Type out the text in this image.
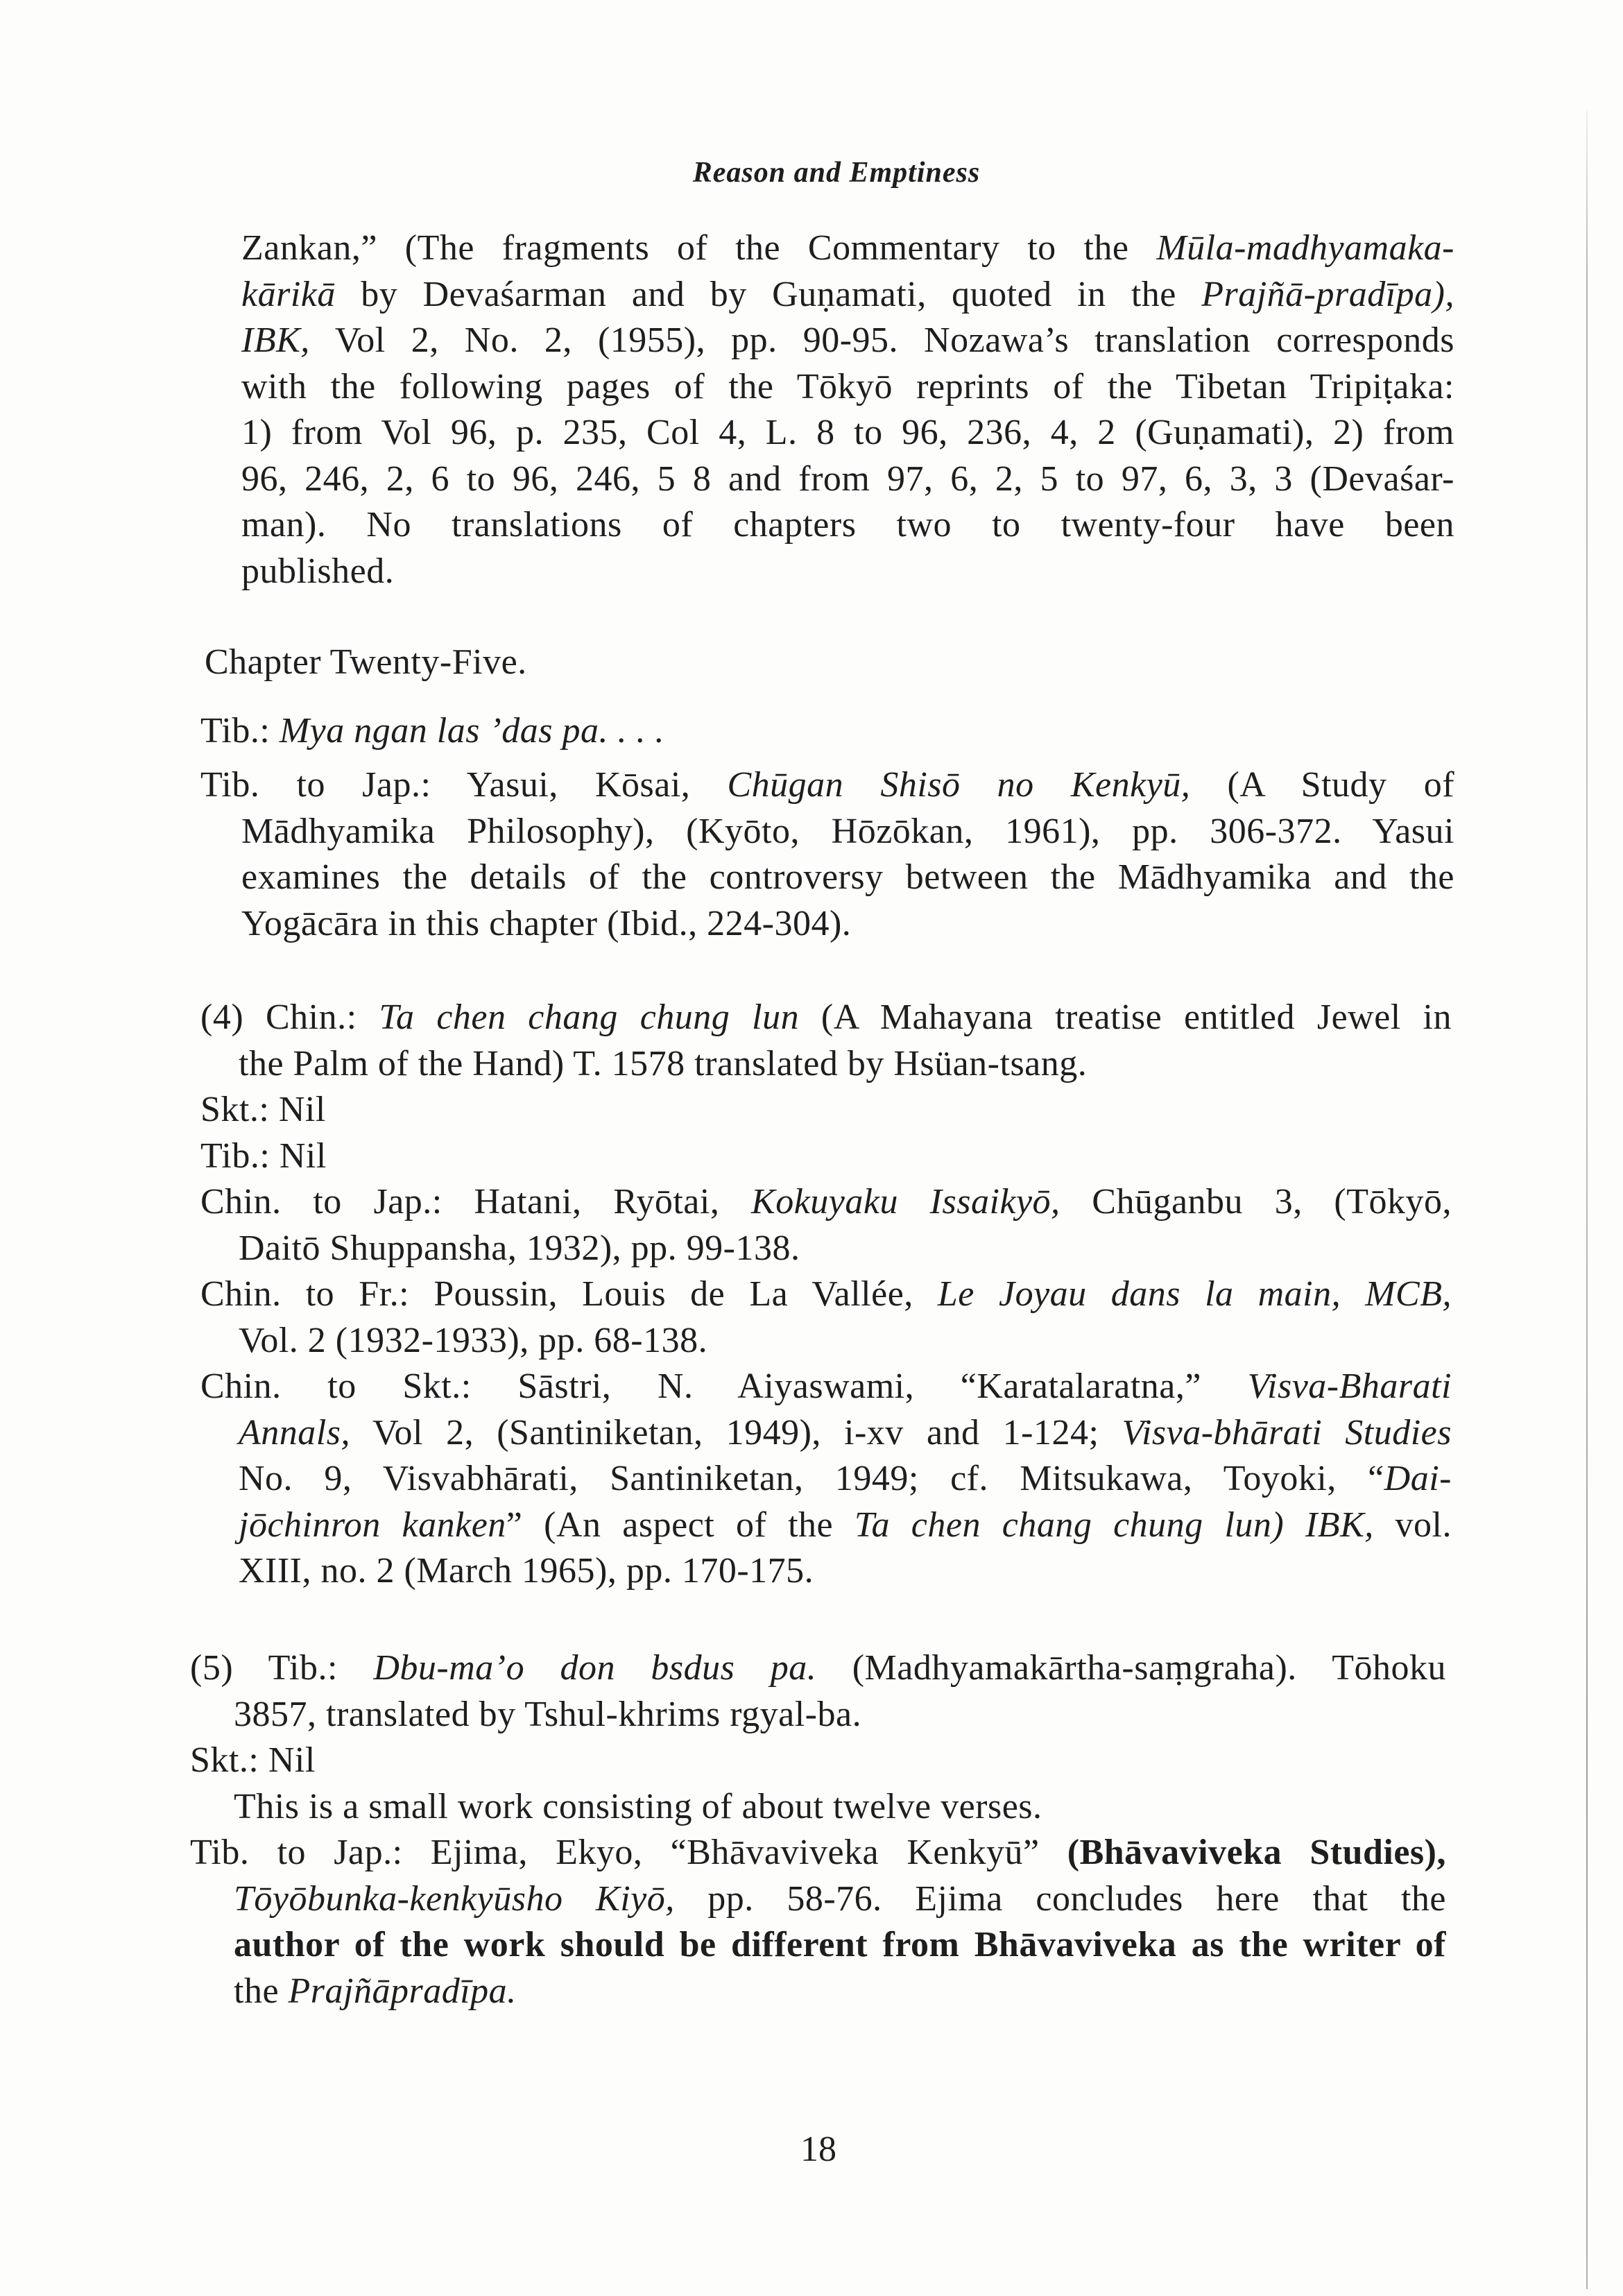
Reason and Emptiness
Zankan,” (The fragments of the Commentary to the Mūla-madhyamaka-
kārikā by Devaśarman and by Guṇamati, quoted in the Prajñā-pradīpa),
IBK, Vol 2, No. 2, (1955), pp. 90-95. Nozawa’s translation corresponds
with the following pages of the Tōkyō reprints of the Tibetan Tripiṭaka:
1) from Vol 96, p. 235, Col 4, L. 8 to 96, 236, 4, 2 (Guṇamati), 2) from
96, 246, 2, 6 to 96, 246, 5 8 and from 97, 6, 2, 5 to 97, 6, 3, 3 (Devaśar-
man). No translations of chapters two to twenty-four have been
published.
Chapter Twenty-Five.
Tib.: Mya ngan las ’das pa. . . .
Tib. to Jap.: Yasui, Kōsai, Chūgan Shisō no Kenkyū, (A Study of
Mādhyamika Philosophy), (Kyōto, Hōzōkan, 1961), pp. 306-372. Yasui
examines the details of the controversy between the Mādhyamika and the
Yogācāra in this chapter (Ibid., 224-304).
(4) Chin.: Ta chen chang chung lun (A Mahayana treatise entitled Jewel in
the Palm of the Hand) T. 1578 translated by Hsüan-tsang.
Skt.: Nil
Tib.: Nil
Chin. to Jap.: Hatani, Ryōtai, Kokuyaku Issaikyō, Chūganbu 3, (Tōkyō,
Daitō Shuppansha, 1932), pp. 99-138.
Chin. to Fr.: Poussin, Louis de La Vallée, Le Joyau dans la main, MCB,
Vol. 2 (1932-1933), pp. 68-138.
Chin. to Skt.: Sāstri, N. Aiyaswami, “Karatalaratna,” Visva-Bharati
Annals, Vol 2, (Santiniketan, 1949), i-xv and 1-124; Visva-bhārati Studies
No. 9, Visvabhārati, Santiniketan, 1949; cf. Mitsukawa, Toyoki, “Dai-
jōchinron kanken” (An aspect of the Ta chen chang chung lun) IBK, vol.
XIII, no. 2 (March 1965), pp. 170-175.
(5) Tib.: Dbu-ma’o don bsdus pa. (Madhyamakārtha-saṃgraha). Tōhoku
3857, translated by Tshul-khrims rgyal-ba.
Skt.: Nil
This is a small work consisting of about twelve verses.
Tib. to Jap.: Ejima, Ekyo, “Bhāvaviveka Kenkyū” (Bhāvaviveka Studies),
Tōyōbunka-kenkyūsho Kiyō, pp. 58-76. Ejima concludes here that the
author of the work should be different from Bhāvaviveka as the writer of
the Prajñāpradīpa.
18
